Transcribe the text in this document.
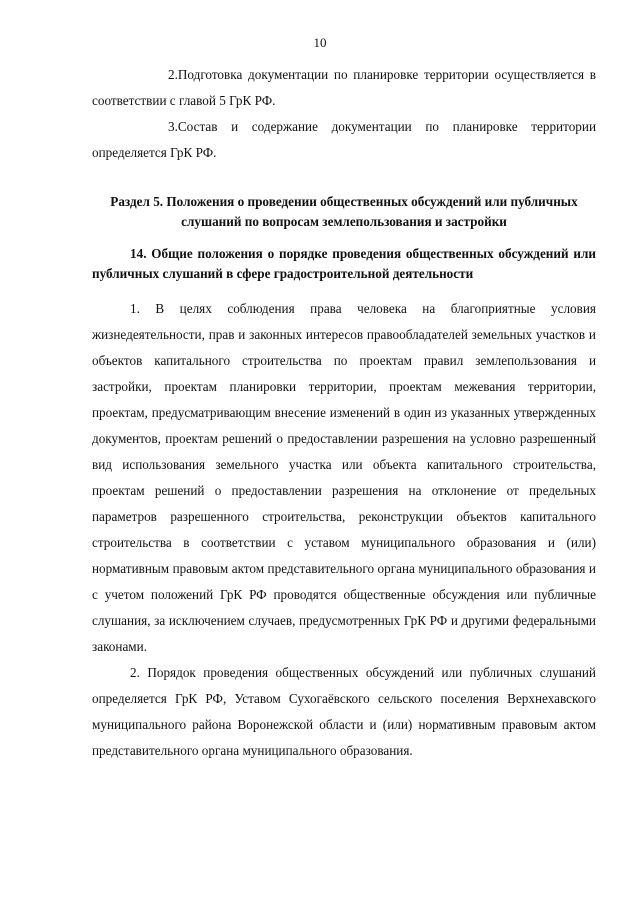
10

2.Подготовка документации по планировке территории осуществляется в соответствии с главой 5 ГрК РФ.

3.Состав и содержание документации по планировке территории определяется ГрК РФ.

Раздел 5. Положения о проведении общественных обсуждений или публичных слушаний по вопросам землепользования и застройки
14. Общие положения о порядке проведения общественных обсуждений или публичных слушаний в сфере градостроительной деятельности

1. В целях соблюдения права человека на благоприятные условия жизнедеятельности, прав и законных интересов правообладателей земельных участков и объектов капитального строительства по проектам правил землепользования и застройки, проектам планировки территории, проектам межевания территории, проектам, предусматривающим внесение изменений в один из указанных утвержденных документов, проектам решений о предоставлении разрешения на условно разрешенный вид использования земельного участка или объекта капитального строительства, проектам решений о предоставлении разрешения на отклонение от предельных параметров разрешенного строительства, реконструкции объектов капитального строительства в соответствии с уставом муниципального образования и (или) нормативным правовым актом представительного органа муниципального образования и с учетом положений ГрК РФ проводятся общественные обсуждения или публичные слушания, за исключением случаев, предусмотренных ГрК РФ и другими федеральными законами.

2. Порядок проведения общественных обсуждений или публичных слушаний определяется ГрК РФ, Уставом Сухогаёвского сельского поселения Верхнехавского муниципального района Воронежской области и (или) нормативным правовым актом представительного органа муниципального образования.
